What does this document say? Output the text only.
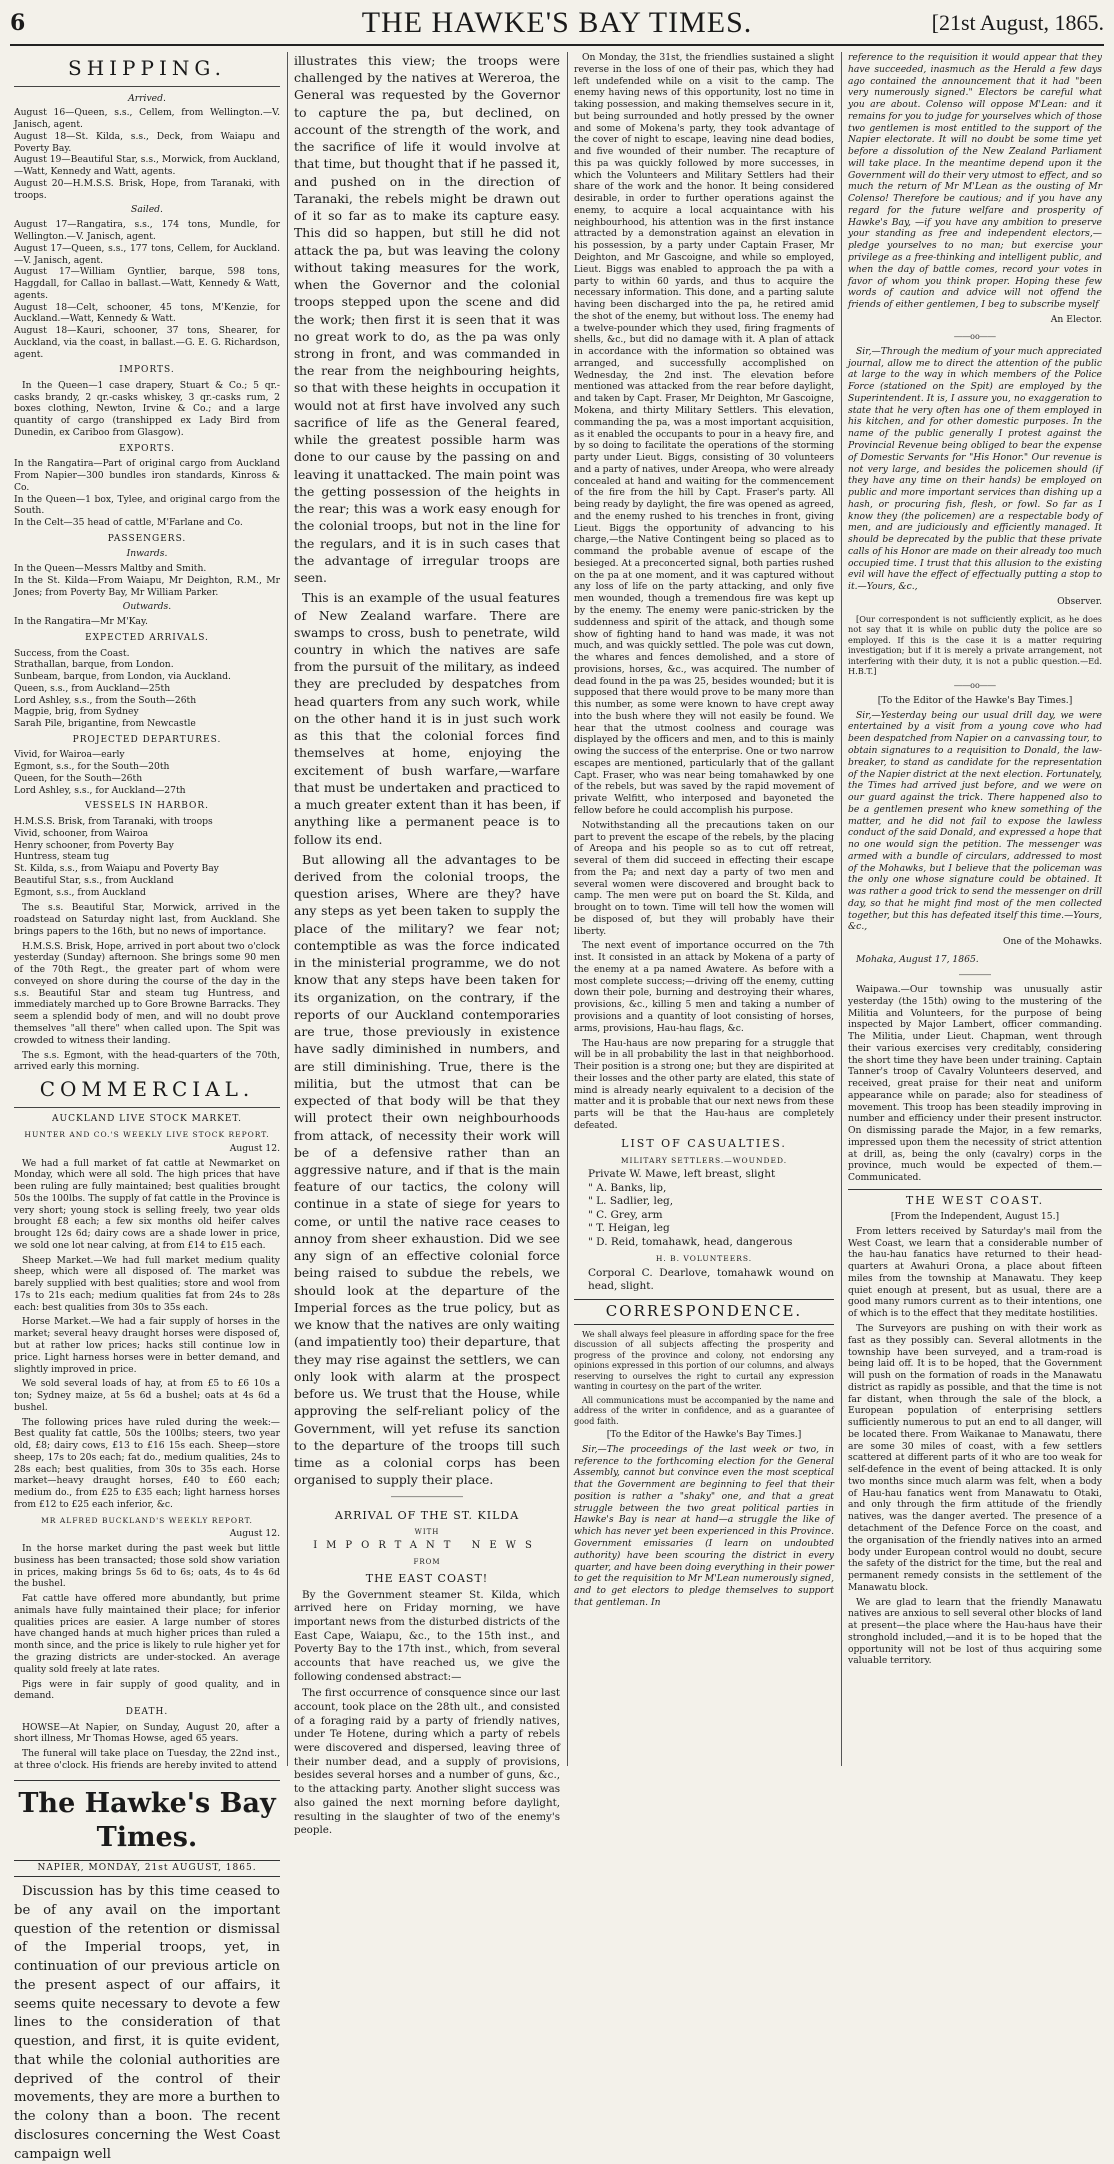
6	THE HAWKE'S BAY TIMES.	[21st August, 1865.
SHIPPING.
Arrived.

August 16—Queen, s.s., Cellem, from Wellington.—V. Janisch, agent.

August 18—St. Kilda, s.s., Deck, from Waiapu and Poverty Bay.

August 19—Beautiful Star, s.s., Morwick, from Auckland, —Watt, Kennedy and Watt, agents.

August 20—H.M.S.S. Brisk, Hope, from Taranaki, with troops.

Sailed.

August 17—Rangatira, s.s., 174 tons, Mundle, for Wellington.—V. Janisch, agent.

August 17—Queen, s.s., 177 tons, Cellem, for Auckland.—V. Janisch, agent.

August 17—William Gyntlier, barque, 598 tons, Haggdall, for Callao in ballast.—Watt, Kennedy & Watt, agents.

August 18—Celt, schooner, 45 tons, M'Kenzie, for Auckland.—Watt, Kennedy & Watt.

August 18—Kauri, schooner, 37 tons, Shearer, for Auckland, via the coast, in ballast.—G. E. G. Richardson, agent.

IMPORTS.

In the Queen—1 case drapery, Stuart & Co.; 5 qr.-casks brandy, 2 qr.-casks whiskey, 3 qr.-casks rum, 2 boxes clothing, Newton, Irvine & Co.; and a large quantity of cargo (transhipped ex Lady Bird from Dunedin, ex Cariboo from Glasgow).

EXPORTS.

In the Rangatira—Part of original cargo from Auckland From Napier—300 bundles iron standards, Kinross & Co.

In the Queen—1 box, Tylee, and original cargo from the South.

In the Celt—35 head of cattle, M'Farlane and Co.

PASSENGERS.
Inwards.

In the Queen—Messrs Maltby and Smith.

In the St. Kilda—From Waiapu, Mr Deighton, R.M., Mr Jones; from Poverty Bay, Mr William Parker.

Outwards.

In the Rangatira—Mr M'Kay.

EXPECTED ARRIVALS.

Success, from the Coast.

Strathallan, barque, from London.

Sunbeam, barque, from London, via Auckland.

Queen, s.s., from Auckland—25th

Lord Ashley, s.s., from the South—26th

Magpie, brig, from Sydney

Sarah Pile, brigantine, from Newcastle

PROJECTED DEPARTURES.

Vivid, for Wairoa—early

Egmont, s.s., for the South—20th

Queen, for the South—26th

Lord Ashley, s.s., for Auckland—27th

VESSELS IN HARBOR.

H.M.S.S. Brisk, from Taranaki, with troops

Vivid, schooner, from Wairoa

Henry schooner, from Poverty Bay

Huntress, steam tug

St. Kilda, s.s., from Waiapu and Poverty Bay

Beautiful Star, s.s., from Auckland

Egmont, s.s., from Auckland

The s.s. Beautiful Star, Morwick, arrived in the roadstead on Saturday night last, from Auckland. She brings papers to the 16th, but no news of importance.

H.M.S.S. Brisk, Hope, arrived in port about two o'clock yesterday (Sunday) afternoon. She brings some 90 men of the 70th Regt., the greater part of whom were conveyed on shore during the course of the day in the s.s. Beautiful Star and steam tug Huntress, and immediately marched up to Gore Browne Barracks. They seem a splendid body of men, and will no doubt prove themselves "all there" when called upon. The Spit was crowded to witness their landing.

The s.s. Egmont, with the head-quarters of the 70th, arrived early this morning.

COMMERCIAL.
AUCKLAND LIVE STOCK MARKET.
HUNTER AND CO.'S WEEKLY LIVE STOCK REPORT.

August 12.

We had a full market of fat cattle at Newmarket on Monday, which were all sold. The high prices that have been ruling are fully maintained; best qualities brought 50s the 100lbs. The supply of fat cattle in the Province is very short; young stock is selling freely, two year olds brought £8 each; a few six months old heifer calves brought 12s 6d; dairy cows are a shade lower in price, we sold one lot near calving, at from £14 to £15 each.

Sheep Market.—We had full market medium quality sheep, which were all disposed of. The market was barely supplied with best qualities; store and wool from 17s to 21s each; medium qualities fat from 24s to 28s each: best qualities from 30s to 35s each.

Horse Market.—We had a fair supply of horses in the market; several heavy draught horses were disposed of, but at rather low prices; hacks still continue low in price. Light harness horses were in better demand, and slightly improved in price.

We sold several loads of hay, at from £5 to £6 10s a ton; Sydney maize, at 5s 6d a bushel; oats at 4s 6d a bushel.

The following prices have ruled during the week:—Best quality fat cattle, 50s the 100lbs; steers, two year old, £8; dairy cows, £13 to £16 15s each. Sheep—store sheep, 17s to 20s each; fat do., medium qualities, 24s to 28s each; best qualities, from 30s to 35s each. Horse market—heavy draught horses, £40 to £60 each; medium do., from £25 to £35 each; light harness horses from £12 to £25 each inferior, &c.

MR ALFRED BUCKLAND'S WEEKLY REPORT.

August 12.

In the horse market during the past week but little business has been transacted; those sold show variation in prices, making brings 5s 6d to 6s; oats, 4s to 4s 6d the bushel.

Fat cattle have offered more abundantly, but prime animals have fully maintained their place; for inferior qualities prices are easier. A large number of stores have changed hands at much higher prices than ruled a month since, and the price is likely to rule higher yet for the grazing districts are under-stocked. An average quality sold freely at late rates.

Pigs were in fair supply of good quality, and in demand.

DEATH.

HOWSE—At Napier, on Sunday, August 20, after a short illness, Mr Thomas Howse, aged 65 years.

The funeral will take place on Tuesday, the 22nd inst., at three o'clock. His friends are hereby invited to attend

The Hawke's Bay Times.
NAPIER, MONDAY, 21st AUGUST, 1865.

Discussion has by this time ceased to be of any avail on the important question of the retention or dismissal of the Imperial troops, yet, in continuation of our previous article on the present aspect of our affairs, it seems quite necessary to devote a few lines to the consideration of that question, and first, it is quite evident, that while the colonial authorities are deprived of the control of their movements, they are more a burthen to the colony than a boon. The recent disclosures concerning the West Coast campaign well

illustrates this view; the troops were challenged by the natives at Wereroa, the General was requested by the Governor to capture the pa, but declined, on account of the strength of the work, and the sacrifice of life it would involve at that time, but thought that if he passed it, and pushed on in the direction of Taranaki, the rebels might be drawn out of it so far as to make its capture easy. This did so happen, but still he did not attack the pa, but was leaving the colony without taking measures for the work, when the Governor and the colonial troops stepped upon the scene and did the work; then first it is seen that it was no great work to do, as the pa was only strong in front, and was commanded in the rear from the neighbouring heights, so that with these heights in occupation it would not at first have involved any such sacrifice of life as the General feared, while the greatest possible harm was done to our cause by the passing on and leaving it unattacked. The main point was the getting possession of the heights in the rear; this was a work easy enough for the colonial troops, but not in the line for the regulars, and it is in such cases that the advantage of irregular troops are seen.

This is an example of the usual features of New Zealand warfare. There are swamps to cross, bush to penetrate, wild country in which the natives are safe from the pursuit of the military, as indeed they are precluded by despatches from head quarters from any such work, while on the other hand it is in just such work as this that the colonial forces find themselves at home, enjoying the excitement of bush warfare,—warfare that must be undertaken and practiced to a much greater extent than it has been, if anything like a permanent peace is to follow its end.

But allowing all the advantages to be derived from the colonial troops, the question arises, Where are they? have any steps as yet been taken to supply the place of the military? we fear not; contemptible as was the force indicated in the ministerial programme, we do not know that any steps have been taken for its organization, on the contrary, if the reports of our Auckland contemporaries are true, those previously in existence have sadly diminished in numbers, and are still diminishing. True, there is the militia, but the utmost that can be expected of that body will be that they will protect their own neighbourhoods from attack, of necessity their work will be of a defensive rather than an aggressive nature, and if that is the main feature of our tactics, the colony will continue in a state of siege for years to come, or until the native race ceases to annoy from sheer exhaustion. Did we see any sign of an effective colonial force being raised to subdue the rebels, we should look at the departure of the Imperial forces as the true policy, but as we know that the natives are only waiting (and impatiently too) their departure, that they may rise against the settlers, we can only look with alarm at the prospect before us. We trust that the House, while approving the self-reliant policy of the Government, will yet refuse its sanction to the departure of the troops till such time as a colonial corps has been organised to supply their place.

―――――――――
ARRIVAL OF THE ST. KILDA
WITH
IMPORTANT NEWS
FROM
THE EAST COAST!

By the Government steamer St. Kilda, which arrived here on Friday morning, we have important news from the disturbed districts of the East Cape, Waiapu, &c., to the 15th inst., and Poverty Bay to the 17th inst., which, from several accounts that have reached us, we give the following condensed abstract:—

The first occurrence of consquence since our last account, took place on the 28th ult., and consisted of a foraging raid by a party of friendly natives, under Te Hotene, during which a party of rebels were discovered and dispersed, leaving three of their number dead, and a supply of provisions, besides several horses and a number of guns, &c., to the attacking party. Another slight success was also gained the next morning before daylight, resulting in the slaughter of two of the enemy's people.

On Monday, the 31st, the friendlies sustained a slight reverse in the loss of one of their pas, which they had left undefended while on a visit to the camp. The enemy having news of this opportunity, lost no time in taking possession, and making themselves secure in it, but being surrounded and hotly pressed by the owner and some of Mokena's party, they took advantage of the cover of night to escape, leaving nine dead bodies, and five wounded of their number. The recapture of this pa was quickly followed by more successes, in which the Volunteers and Military Settlers had their share of the work and the honor. It being considered desirable, in order to further operations against the enemy, to acquire a local acquaintance with his neighbourhood, his attention was in the first instance attracted by a demonstration against an elevation in his possession, by a party under Captain Fraser, Mr Deighton, and Mr Gascoigne, and while so employed, Lieut. Biggs was enabled to approach the pa with a party to within 60 yards, and thus to acquire the necessary information. This done, and a parting salute having been discharged into the pa, he retired amid the shot of the enemy, but without loss. The enemy had a twelve-pounder which they used, firing fragments of shells, &c., but did no damage with it. A plan of attack in accordance with the information so obtained was arranged, and successfully accomplished on Wednesday, the 2nd inst. The elevation before mentioned was attacked from the rear before daylight, and taken by Capt. Fraser, Mr Deighton, Mr Gascoigne, Mokena, and thirty Military Settlers. This elevation, commanding the pa, was a most important acquisition, as it enabled the occupants to pour in a heavy fire, and by so doing to facilitate the operations of the storming party under Lieut. Biggs, consisting of 30 volunteers and a party of natives, under Areopa, who were already concealed at hand and waiting for the commencement of the fire from the hill by Capt. Fraser's party. All being ready by daylight, the fire was opened as agreed, and the enemy rushed to his trenches in front, giving Lieut. Biggs the opportunity of advancing to his charge,—the Native Contingent being so placed as to command the probable avenue of escape of the besieged. At a preconcerted signal, both parties rushed on the pa at one moment, and it was captured without any loss of life on the party attacking, and only five men wounded, though a tremendous fire was kept up by the enemy. The enemy were panic-stricken by the suddenness and spirit of the attack, and though some show of fighting hand to hand was made, it was not much, and was quickly settled. The pole was cut down, the whares and fences demolished, and a store of provisions, horses, &c., was acquired. The number of dead found in the pa was 25, besides wounded; but it is supposed that there would prove to be many more than this number, as some were known to have crept away into the bush where they will not easily be found. We hear that the utmost coolness and courage was displayed by the officers and men, and to this is mainly owing the success of the enterprise. One or two narrow escapes are mentioned, particularly that of the gallant Capt. Fraser, who was near being tomahawked by one of the rebels, but was saved by the rapid movement of private Welfitt, who interposed and bayoneted the fellow before he could accomplish his purpose.

Notwithstanding all the precautions taken on our part to prevent the escape of the rebels, by the placing of Areopa and his people so as to cut off retreat, several of them did succeed in effecting their escape from the Pa; and next day a party of two men and several women were discovered and brought back to camp. The men were put on board the St. Kilda, and brought on to town. Time will tell how the women will be disposed of, but they will probably have their liberty.

The next event of importance occurred on the 7th inst. It consisted in an attack by Mokena of a party of the enemy at a pa named Awatere. As before with a most complete success;—driving off the enemy, cutting down their pole, burning and destroying their whares, provisions, &c., killing 5 men and taking a number of provisions and a quantity of loot consisting of horses, arms, provisions, Hau-hau flags, &c.

The Hau-haus are now preparing for a struggle that will be in all probability the last in that neighborhood. Their position is a strong one; but they are dispirited at their losses and the other party are elated, this state of mind is already nearly equivalent to a decision of the matter and it is probable that our next news from these parts will be that the Hau-haus are completely defeated.

LIST OF CASUALTIES.
MILITARY SETTLERS.—WOUNDED.

Private W. Mawe, left breast, slight

" A. Banks, lip,

" L. Sadlier, leg,

" C. Grey, arm

" T. Heigan, leg

" D. Reid, tomahawk, head, dangerous

H. B. VOLUNTEERS.

Corporal C. Dearlove, tomahawk wound on head, slight.

CORRESPONDENCE.

We shall always feel pleasure in affording space for the free discussion of all subjects affecting the prosperity and progress of the province and colony, not endorsing any opinions expressed in this portion of our columns, and always reserving to ourselves the right to curtail any expression wanting in courtesy on the part of the writer.

All communications must be accompanied by the name and address of the writer in confidence, and as a guarantee of good faith.

[To the Editor of the Hawke's Bay Times.]

Sir,—The proceedings of the last week or two, in reference to the forthcoming election for the General Assembly, cannot but convince even the most sceptical that the Government are beginning to feel that their position is rather a "shaky" one, and that a great struggle between the two great political parties in Hawke's Bay is near at hand—a struggle the like of which has never yet been experienced in this Province. Government emissaries (I learn on undoubted authority) have been scouring the district in every quarter, and have been doing everything in their power to get the requisition to Mr M'Lean numerously signed, and to get electors to pledge themselves to support that gentleman. In

reference to the requisition it would appear that they have succeeded, inasmuch as the Herald a few days ago contained the announcement that it had "been very numerously signed." Electors be careful what you are about. Colenso will oppose M'Lean: and it remains for you to judge for yourselves which of those two gentlemen is most entitled to the support of the Napier electorate. It will no doubt be some time yet before a dissolution of the New Zealand Parliament will take place. In the meantime depend upon it the Government will do their very utmost to effect, and so much the return of Mr M'Lean as the ousting of Mr Colenso! Therefore be cautious; and if you have any regard for the future welfare and prosperity of Hawke's Bay, —if you have any ambition to preserve your standing as free and independent electors,—pledge yourselves to no man; but exercise your privilege as a free-thinking and intelligent public, and when the day of battle comes, record your votes in favor of whom you think proper. Hoping these few words of caution and advice will not offend the friends of either gentlemen, I beg to subscribe myself

An Elector.

――oo――

Sir,—Through the medium of your much appreciated journal, allow me to direct the attention of the public at large to the way in which members of the Police Force (stationed on the Spit) are employed by the Superintendent. It is, I assure you, no exaggeration to state that he very often has one of them employed in his kitchen, and for other domestic purposes. In the name of the public generally I protest against the Provincial Revenue being obliged to bear the expense of Domestic Servants for "His Honor." Our revenue is not very large, and besides the policemen should (if they have any time on their hands) be employed on public and more important services than dishing up a hash, or procuring fish, flesh, or fowl. So far as I know they (the policemen) are a respectable body of men, and are judiciously and efficiently managed. It should be deprecated by the public that these private calls of his Honor are made on their already too much occupied time. I trust that this allusion to the existing evil will have the effect of effectually putting a stop to it.—Yours, &c.,

Observer.

[Our correspondent is not sufficiently explicit, as he does not say that it is while on public duty the police are so employed. If this is the case it is a matter requiring investigation; but if it is merely a private arrangement, not interfering with their duty, it is not a public question.—Ed. H.B.T.]

――oo――

[To the Editor of the Hawke's Bay Times.]

Sir,—Yesterday being our usual drill day, we were entertained by a visit from a young cove who had been despatched from Napier on a canvassing tour, to obtain signatures to a requisition to Donald, the law-breaker, to stand as candidate for the representation of the Napier district at the next election. Fortunately, the Times had arrived just before, and we were on our guard against the trick. There happened also to be a gentlemen present who knew something of the matter, and he did not fail to expose the lawless conduct of the said Donald, and expressed a hope that no one would sign the petition. The messenger was armed with a bundle of circulars, addressed to most of the Mohawks, but I believe that the policeman was the only one whose signature could be obtained. It was rather a good trick to send the messenger on drill day, so that he might find most of the men collected together, but this has defeated itself this time.—Yours, &c.,

One of the Mohawks.

Mohaka, August 17, 1865.

――――

Waipawa.—Our township was unusually astir yesterday (the 15th) owing to the mustering of the Militia and Volunteers, for the purpose of being inspected by Major Lambert, officer commanding. The Militia, under Lieut. Chapman, went through their various exercises very creditably, considering the short time they have been under training. Captain Tanner's troop of Cavalry Volunteers deserved, and received, great praise for their neat and uniform appearance while on parade; also for steadiness of movement. This troop has been steadily improving in number and efficiency under their present instructor. On dismissing parade the Major, in a few remarks, impressed upon them the necessity of strict attention at drill, as, being the only (cavalry) corps in the province, much would be expected of them.—Communicated.

THE WEST COAST.

[From the Independent, August 15.]

From letters received by Saturday's mail from the West Coast, we learn that a considerable number of the hau-hau fanatics have returned to their head-quarters at Awahuri Orona, a place about fifteen miles from the township at Manawatu. They keep quiet enough at present, but as usual, there are a good many rumors current as to their intentions, one of which is to the effect that they meditate hostilities.

The Surveyors are pushing on with their work as fast as they possibly can. Several allotments in the township have been surveyed, and a tram-road is being laid off. It is to be hoped, that the Government will push on the formation of roads in the Manawatu district as rapidly as possible, and that the time is not far distant, when through the sale of the block, a European population of enterprising settlers sufficiently numerous to put an end to all danger, will be located there. From Waikanae to Manawatu, there are some 30 miles of coast, with a few settlers scattered at different parts of it who are too weak for self-defence in the event of being attacked. It is only two months since much alarm was felt, when a body of Hau-hau fanatics went from Manawatu to Otaki, and only through the firm attitude of the friendly natives, was the danger averted. The presence of a detachment of the Defence Force on the coast, and the organisation of the friendly natives into an armed body under European control would no doubt, secure the safety of the district for the time, but the real and permanent remedy consists in the settlement of the Manawatu block.

We are glad to learn that the friendly Manawatu natives are anxious to sell several other blocks of land at present—the place where the Hau-haus have their stronghold included,—and it is to be hoped that the opportunity will not be lost of thus acquiring some valuable territory.
